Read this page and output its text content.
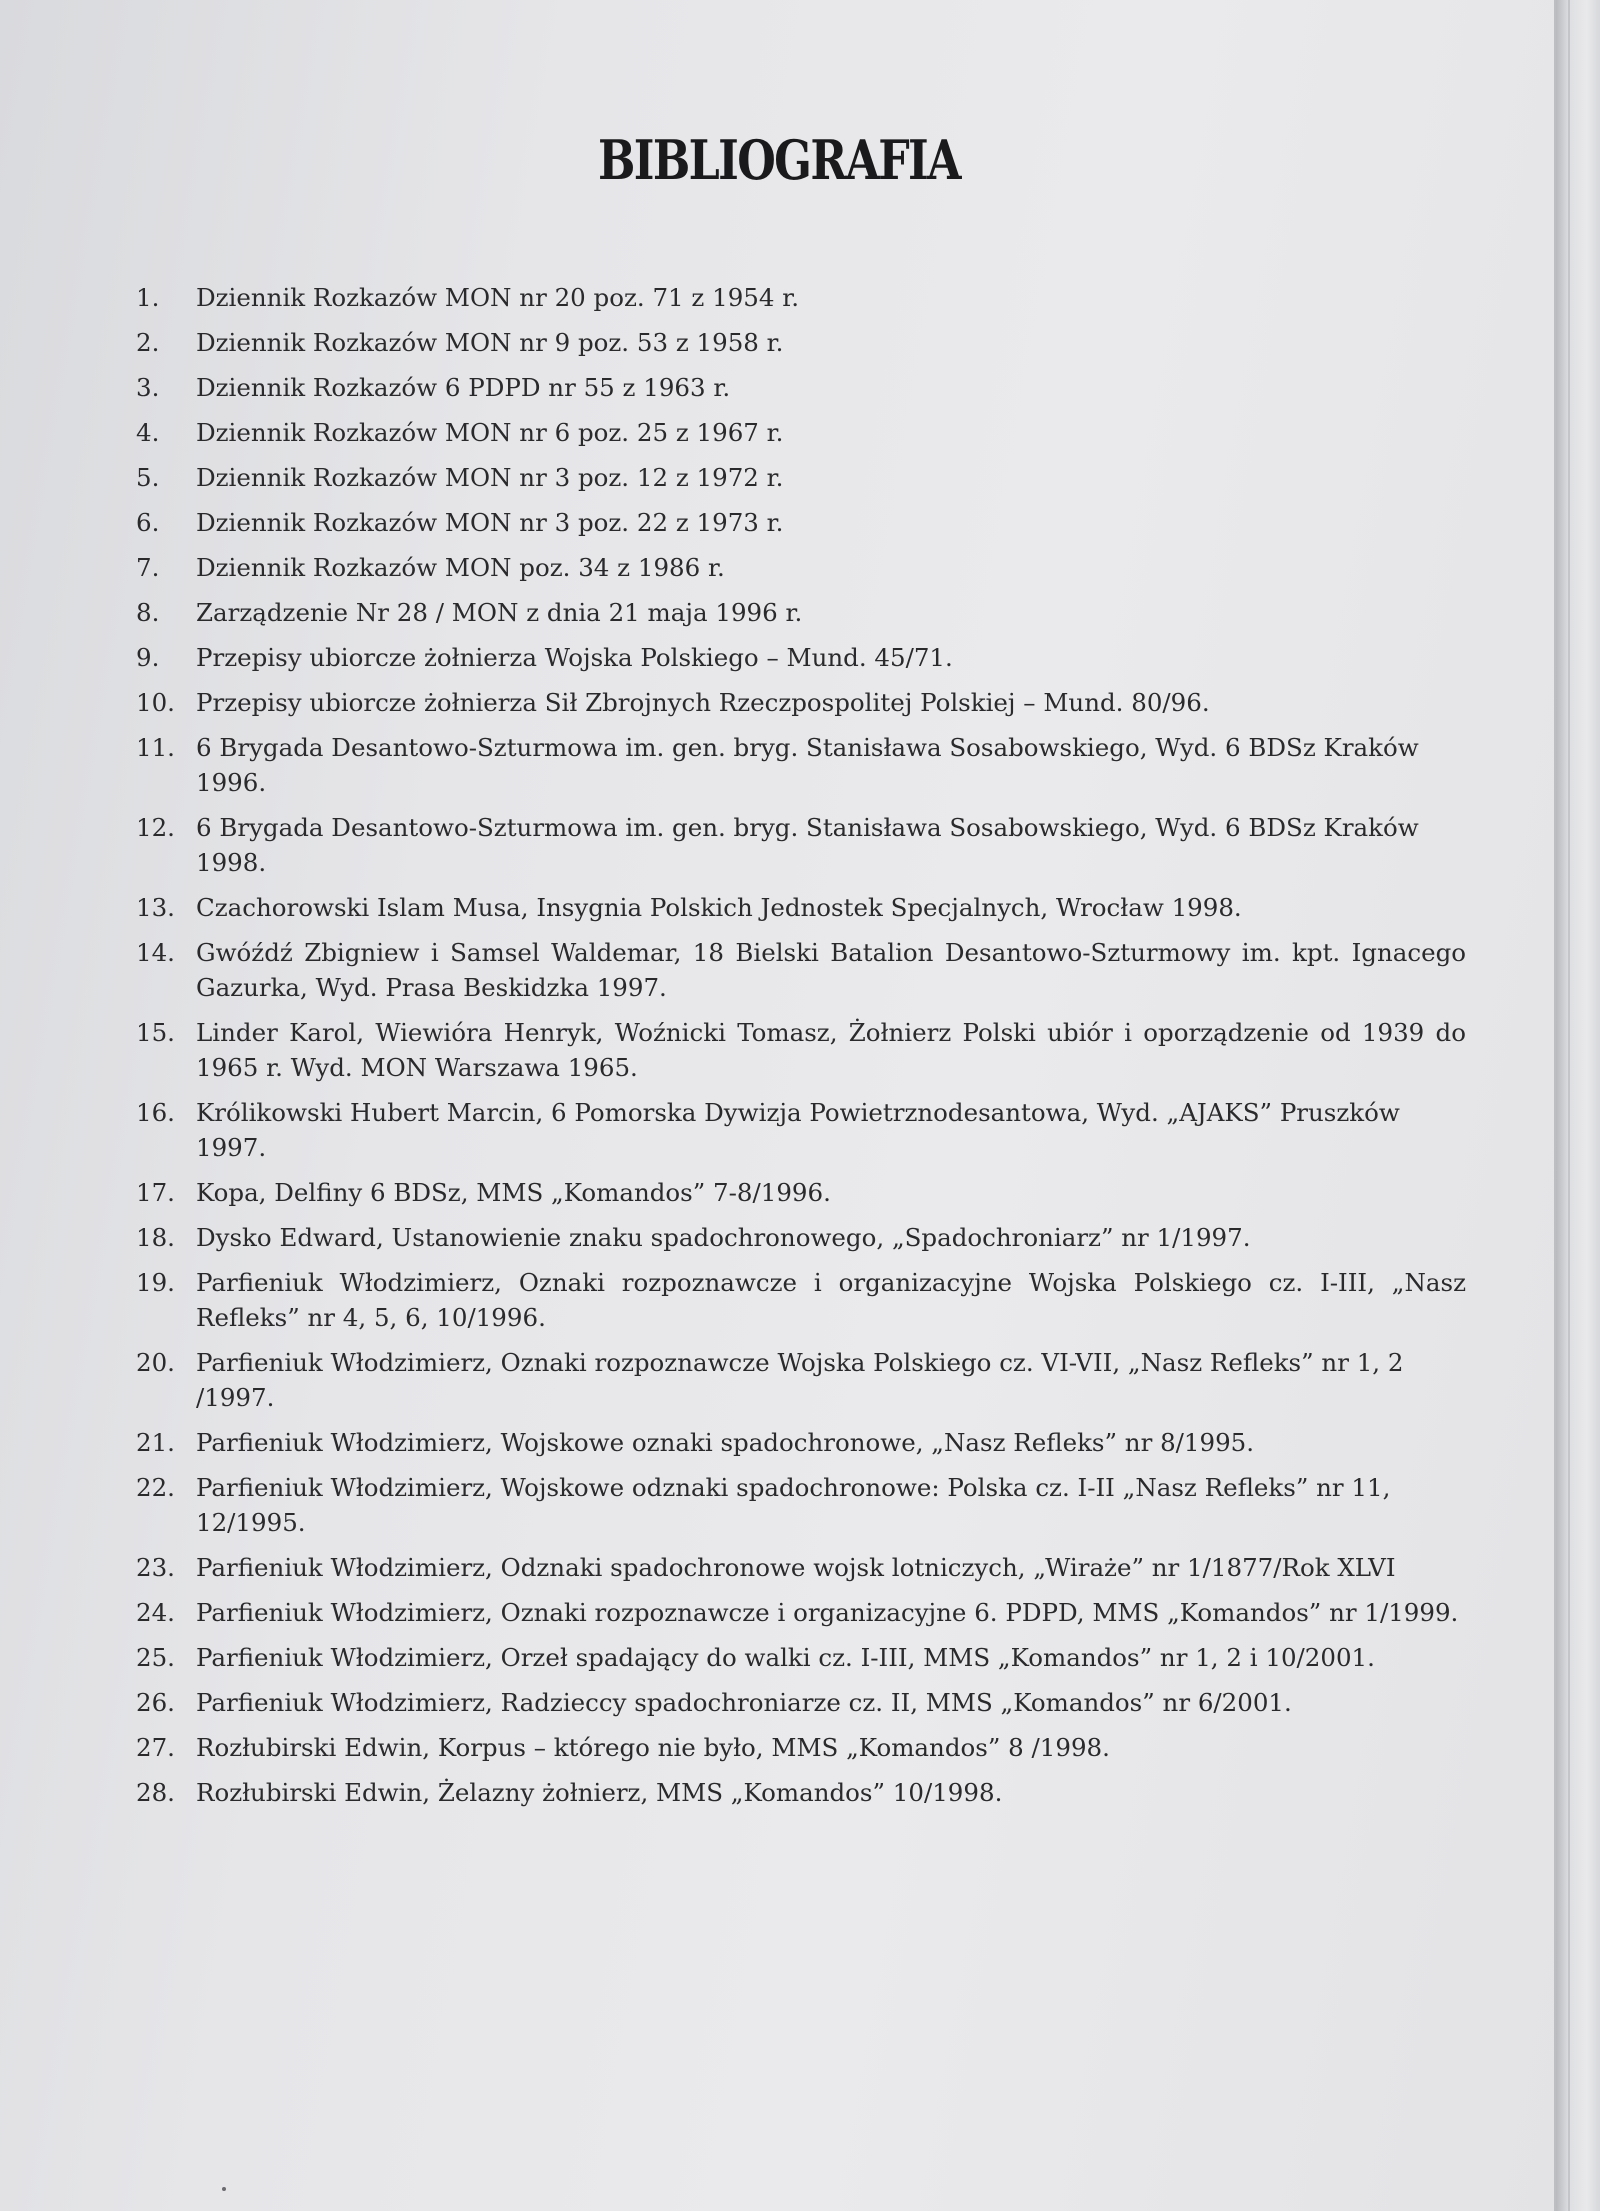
BIBLIOGRAFIA
1.	Dziennik Rozkazów MON nr 20 poz. 71 z 1954 r.
2.	Dziennik Rozkazów MON nr 9 poz. 53 z 1958 r.
3.	Dziennik Rozkazów 6 PDPD nr 55 z 1963 r.
4.	Dziennik Rozkazów MON nr 6 poz. 25 z 1967 r.
5.	Dziennik Rozkazów MON nr 3 poz. 12 z 1972 r.
6.	Dziennik Rozkazów MON nr 3 poz. 22 z 1973 r.
7.	Dziennik Rozkazów MON poz. 34 z 1986 r.
8.	Zarządzenie Nr 28 / MON z dnia 21 maja 1996 r.
9.	Przepisy ubiorcze żołnierza Wojska Polskiego – Mund. 45/71.
10. Przepisy ubiorcze żołnierza Sił Zbrojnych Rzeczpospolitej Polskiej – Mund. 80/96.
11. 6 Brygada Desantowo-Szturmowa im. gen. bryg. Stanisława Sosabowskiego, Wyd. 6 BDSz Kraków 1996.
12. 6 Brygada Desantowo-Szturmowa im. gen. bryg. Stanisława Sosabowskiego, Wyd. 6 BDSz Kraków 1998.
13. Czachorowski Islam Musa, Insygnia Polskich Jednostek Specjalnych, Wrocław 1998.
14. Gwóźdź Zbigniew i Samsel Waldemar, 18 Bielski Batalion Desantowo-Szturmowy im. kpt. Ignacego Gazurka, Wyd. Prasa Beskidzka 1997.
15. Linder Karol, Wiewióra Henryk, Woźnicki Tomasz, Żołnierz Polski ubiór i oporządzenie od 1939 do 1965 r. Wyd. MON Warszawa 1965.
16. Królikowski Hubert Marcin, 6 Pomorska Dywizja Powietrznodesantowa, Wyd. „AJAKS” Pruszków 1997.
17. Kopa, Delfiny 6 BDSz, MMS „Komandos” 7-8/1996.
18. Dysko Edward, Ustanowienie znaku spadochronowego, „Spadochroniarz” nr 1/1997.
19. Parfieniuk Włodzimierz, Oznaki rozpoznawcze i organizacyjne Wojska Polskiego cz. I-III, „Nasz Refleks” nr 4, 5, 6, 10/1996.
20. Parfieniuk Włodzimierz, Oznaki rozpoznawcze Wojska Polskiego cz. VI-VII, „Nasz Refleks” nr 1, 2 /1997.
21. Parfieniuk Włodzimierz, Wojskowe oznaki spadochronowe, „Nasz Refleks” nr 8/1995.
22. Parfieniuk Włodzimierz, Wojskowe odznaki spadochronowe: Polska cz. I-II „Nasz Refleks” nr 11, 12/1995.
23. Parfieniuk Włodzimierz, Odznaki spadochronowe wojsk lotniczych, „Wiraże” nr 1/1877/Rok XLVI
24. Parfieniuk Włodzimierz, Oznaki rozpoznawcze i organizacyjne 6. PDPD, MMS „Komandos” nr 1/1999.
25. Parfieniuk Włodzimierz, Orzeł spadający do walki cz. I-III, MMS „Komandos” nr 1, 2 i 10/2001.
26. Parfieniuk Włodzimierz, Radzieccy spadochroniarze cz. II, MMS „Komandos” nr 6/2001.
27. Rozłubirski Edwin, Korpus – którego nie było, MMS „Komandos” 8 /1998.
28. Rozłubirski Edwin, Żelazny żołnierz, MMS „Komandos” 10/1998.
